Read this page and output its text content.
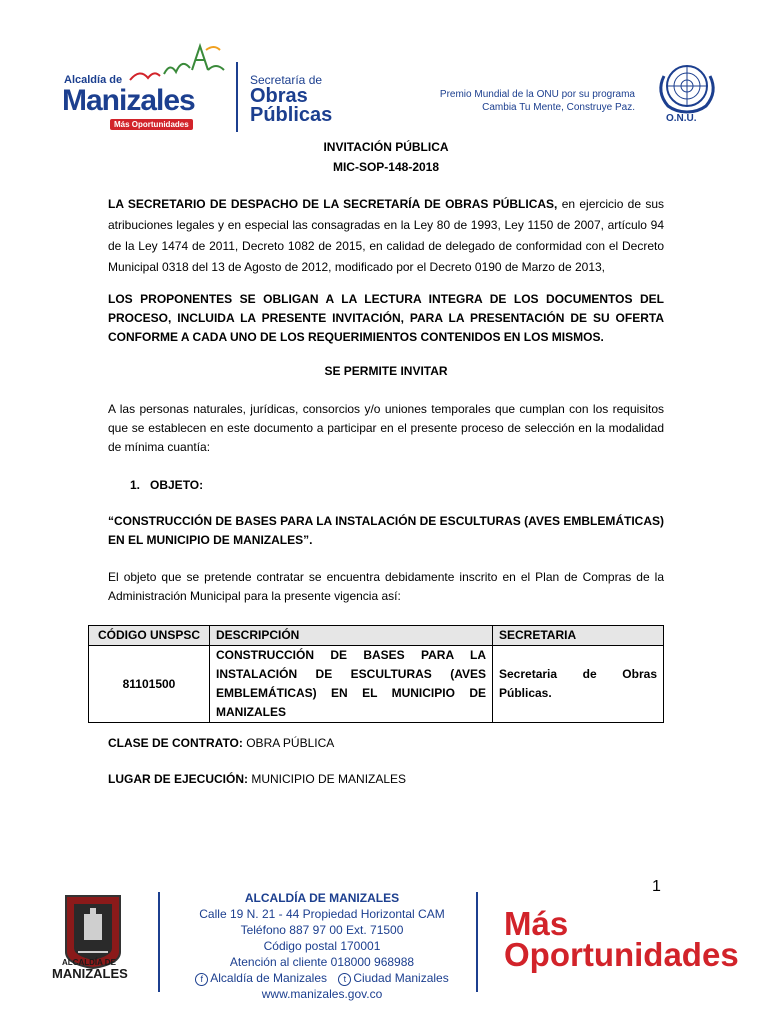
Alcaldía de
Manizales
Más Oportunidades
Secretaría de
Obras
Públicas
Premio Mundial de la ONU por su programa
Cambia Tu Mente, Construye Paz.
O.N.U.
INVITACIÓN PÚBLICA
MIC-SOP-148-2018
LA SECRETARIO DE DESPACHO DE LA SECRETARÍA DE OBRAS PÚBLICAS, en ejercicio de sus atribuciones legales y en especial las consagradas en la Ley 80 de 1993, Ley 1150 de 2007, artículo 94 de la Ley 1474 de 2011, Decreto 1082 de 2015, en calidad de delegado de conformidad con el Decreto Municipal 0318 del 13 de Agosto de 2012, modificado por el Decreto 0190 de Marzo de 2013,
LOS PROPONENTES SE OBLIGAN A LA LECTURA INTEGRA DE LOS DOCUMENTOS DEL PROCESO, INCLUIDA LA PRESENTE INVITACIÓN, PARA LA PRESENTACIÓN DE SU OFERTA CONFORME A CADA UNO DE LOS REQUERIMIENTOS CONTENIDOS EN LOS MISMOS.
SE PERMITE INVITAR
A las personas naturales, jurídicas, consorcios y/o uniones temporales que cumplan con los requisitos que se establecen en este documento a participar en el presente proceso de selección en la modalidad de mínima cuantía:
1.   OBJETO:
“CONSTRUCCIÓN DE BASES PARA LA INSTALACIÓN DE ESCULTURAS (AVES EMBLEMÁTICAS) EN EL MUNICIPIO DE MANIZALES”.
El objeto que se pretende contratar se encuentra debidamente inscrito en el Plan de Compras de la Administración Municipal para la presente vigencia así:
CÓDIGO UNSPSC	DESCRIPCIÓN	SECRETARIA
81101500	CONSTRUCCIÓN DE BASES PARA LA INSTALACIÓN DE ESCULTURAS (AVES EMBLEMÁTICAS) EN EL MUNICIPIO DE MANIZALES	Secretaria de Obras Públicas.
CLASE DE CONTRATO: OBRA PÚBLICA
LUGAR DE EJECUCIÓN: MUNICIPIO DE MANIZALES
1
ALCALDÍA DE
MANIZALES
ALCALDÍA DE MANIZALES
Calle 19 N. 21 - 44 Propiedad Horizontal CAM
Teléfono 887 97 00 Ext. 71500
Código postal 170001
Atención al cliente 018000 968988
f Alcaldía de Manizales t Ciudad Manizales
www.manizales.gov.co
Más
Oportunidades
